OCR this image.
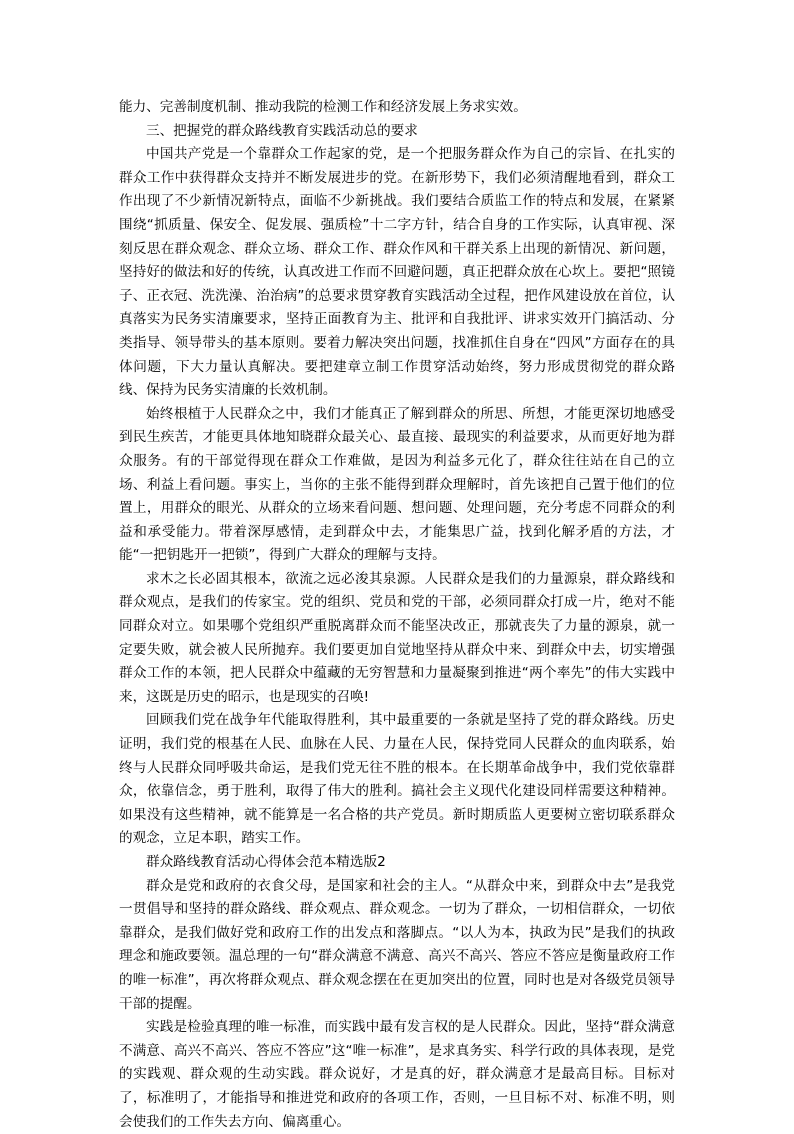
能力、完善制度机制、推动我院的检测工作和经济发展上务求实效。

三、把握党的群众路线教育实践活动总的要求

中国共产党是一个靠群众工作起家的党，是一个把服务群众作为自己的宗旨、在扎实的群众工作中获得群众支持并不断发展进步的党。在新形势下，我们必须清醒地看到，群众工作出现了不少新情况新特点，面临不少新挑战。我们要结合质监工作的特点和发展，在紧紧围绕“抓质量、保安全、促发展、强质检”十二字方针，结合自身的工作实际，认真审视、深刻反思在群众观念、群众立场、群众工作、群众作风和干群关系上出现的新情况、新问题，坚持好的做法和好的传统，认真改进工作而不回避问题，真正把群众放在心坎上。要把“照镜子、正衣冠、洗洗澡、治治病”的总要求贯穿教育实践活动全过程，把作风建设放在首位，认真落实为民务实清廉要求，坚持正面教育为主、批评和自我批评、讲求实效开门搞活动、分类指导、领导带头的基本原则。要着力解决突出问题，找准抓住自身在“四风”方面存在的具体问题，下大力量认真解决。要把建章立制工作贯穿活动始终，努力形成贯彻党的群众路线、保持为民务实清廉的长效机制。

始终根植于人民群众之中，我们才能真正了解到群众的所思、所想，才能更深切地感受到民生疾苦，才能更具体地知晓群众最关心、最直接、最现实的利益要求，从而更好地为群众服务。有的干部觉得现在群众工作难做，是因为利益多元化了，群众往往站在自己的立场、利益上看问题。事实上，当你的主张不能得到群众理解时，首先该把自己置于他们的位置上，用群众的眼光、从群众的立场来看问题、想问题、处理问题，充分考虑不同群众的利益和承受能力。带着深厚感情，走到群众中去，才能集思广益，找到化解矛盾的方法，才能“一把钥匙开一把锁”，得到广大群众的理解与支持。

求木之长必固其根本，欲流之远必浚其泉源。人民群众是我们的力量源泉，群众路线和群众观点，是我们的传家宝。党的组织、党员和党的干部，必须同群众打成一片，绝对不能同群众对立。如果哪个党组织严重脱离群众而不能坚决改正，那就丧失了力量的源泉，就一定要失败，就会被人民所抛弃。我们要更加自觉地坚持从群众中来、到群众中去，切实增强群众工作的本领，把人民群众中蕴藏的无穷智慧和力量凝聚到推进“两个率先”的伟大实践中来，这既是历史的昭示，也是现实的召唤!

回顾我们党在战争年代能取得胜利，其中最重要的一条就是坚持了党的群众路线。历史证明，我们党的根基在人民、血脉在人民、力量在人民，保持党同人民群众的血肉联系，始终与人民群众同呼吸共命运，是我们党无往不胜的根本。在长期革命战争中，我们党依靠群众，依靠信念，勇于胜利，取得了伟大的胜利。搞社会主义现代化建设同样需要这种精神。如果没有这些精神，就不能算是一名合格的共产党员。新时期质监人更要树立密切联系群众的观念，立足本职，踏实工作。

群众路线教育活动心得体会范本精选版2

群众是党和政府的衣食父母，是国家和社会的主人。“从群众中来，到群众中去”是我党一贯倡导和坚持的群众路线、群众观点、群众观念。一切为了群众，一切相信群众，一切依靠群众，是我们做好党和政府工作的出发点和落脚点。“以人为本，执政为民”是我们的执政理念和施政要领。温总理的一句“群众满意不满意、高兴不高兴、答应不答应是衡量政府工作的唯一标准”，再次将群众观点、群众观念摆在在更加突出的位置，同时也是对各级党员领导干部的提醒。

实践是检验真理的唯一标准，而实践中最有发言权的是人民群众。因此，坚持“群众满意不满意、高兴不高兴、答应不答应”这“唯一标准”，是求真务实、科学行政的具体表现，是党的实践观、群众观的生动实践。群众说好，才是真的好，群众满意才是最高目标。目标对了，标准明了，才能指导和推进党和政府的各项工作，否则，一旦目标不对、标准不明，则会使我们的工作失去方向、偏离重心。
